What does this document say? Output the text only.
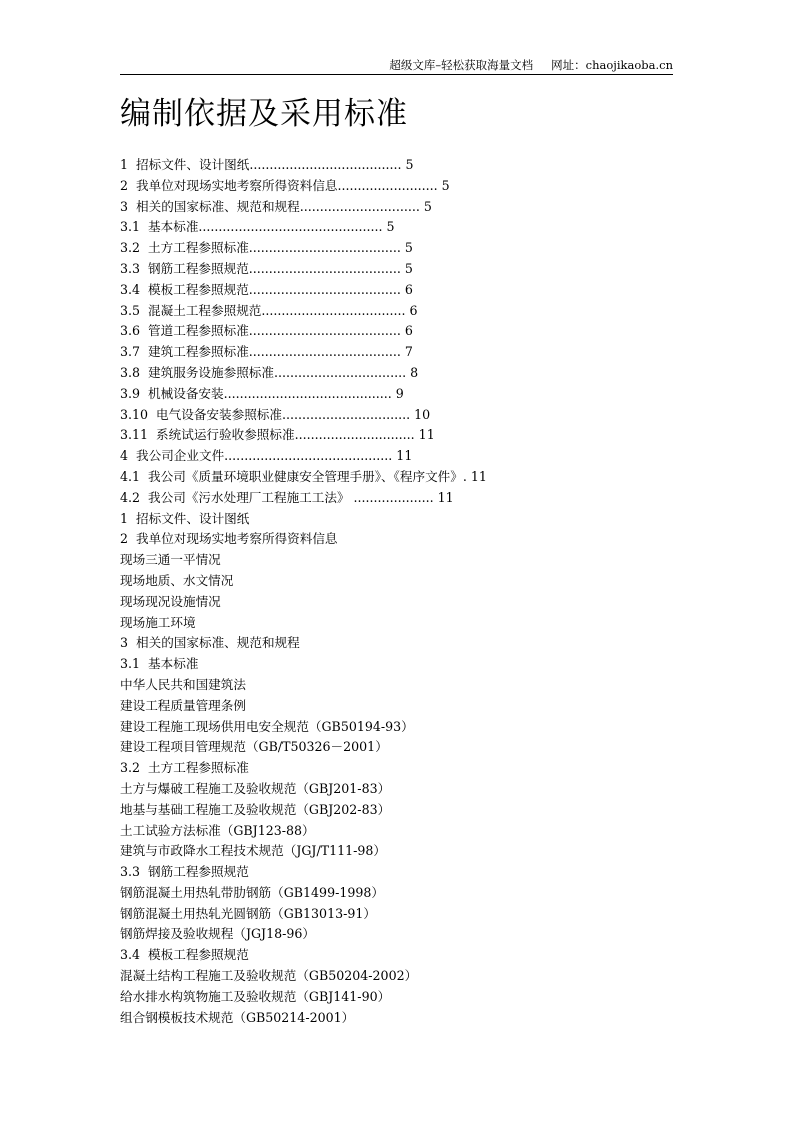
超级文库–轻松获取海量文档 网址：chaojikaoba.cn
编制依据及采用标准
1  招标文件、设计图纸...................................... 5
2  我单位对现场实地考察所得资料信息......................... 5
3  相关的国家标准、规范和规程.............................. 5
3.1  基本标准.............................................. 5
3.2  土方工程参照标准...................................... 5
3.3  钢筋工程参照规范...................................... 5
3.4  模板工程参照规范...................................... 6
3.5  混凝土工程参照规范.................................... 6
3.6  管道工程参照标准...................................... 6
3.7  建筑工程参照标准...................................... 7
3.8  建筑服务设施参照标准................................. 8
3.9  机械设备安装.......................................... 9
3.10  电气设备安装参照标准................................ 10
3.11  系统试运行验收参照标准.............................. 11
4  我公司企业文件.......................................... 11
4.1  我公司《质量环境职业健康安全管理手册》、《程序文件》. 11
4.2  我公司《污水处理厂工程施工工法》 .................... 11
1  招标文件、设计图纸
2  我单位对现场实地考察所得资料信息
现场三通一平情况
现场地质、水文情况
现场现况设施情况
现场施工环境
3  相关的国家标准、规范和规程
3.1  基本标准
中华人民共和国建筑法
建设工程质量管理条例
建设工程施工现场供用电安全规范（GB50194-93）
建设工程项目管理规范（GB/T50326－2001）
3.2  土方工程参照标准
土方与爆破工程施工及验收规范（GBJ201-83）
地基与基础工程施工及验收规范（GBJ202-83）
土工试验方法标准（GBJ123-88）
建筑与市政降水工程技术规范（JGJ/T111-98）
3.3  钢筋工程参照规范
钢筋混凝土用热轧带肋钢筋（GB1499-1998）
钢筋混凝土用热轧光圆钢筋（GB13013-91）
钢筋焊接及验收规程（JGJ18-96）
3.4  模板工程参照规范
混凝土结构工程施工及验收规范（GB50204-2002）
给水排水构筑物施工及验收规范（GBJ141-90）
组合钢模板技术规范（GB50214-2001）
